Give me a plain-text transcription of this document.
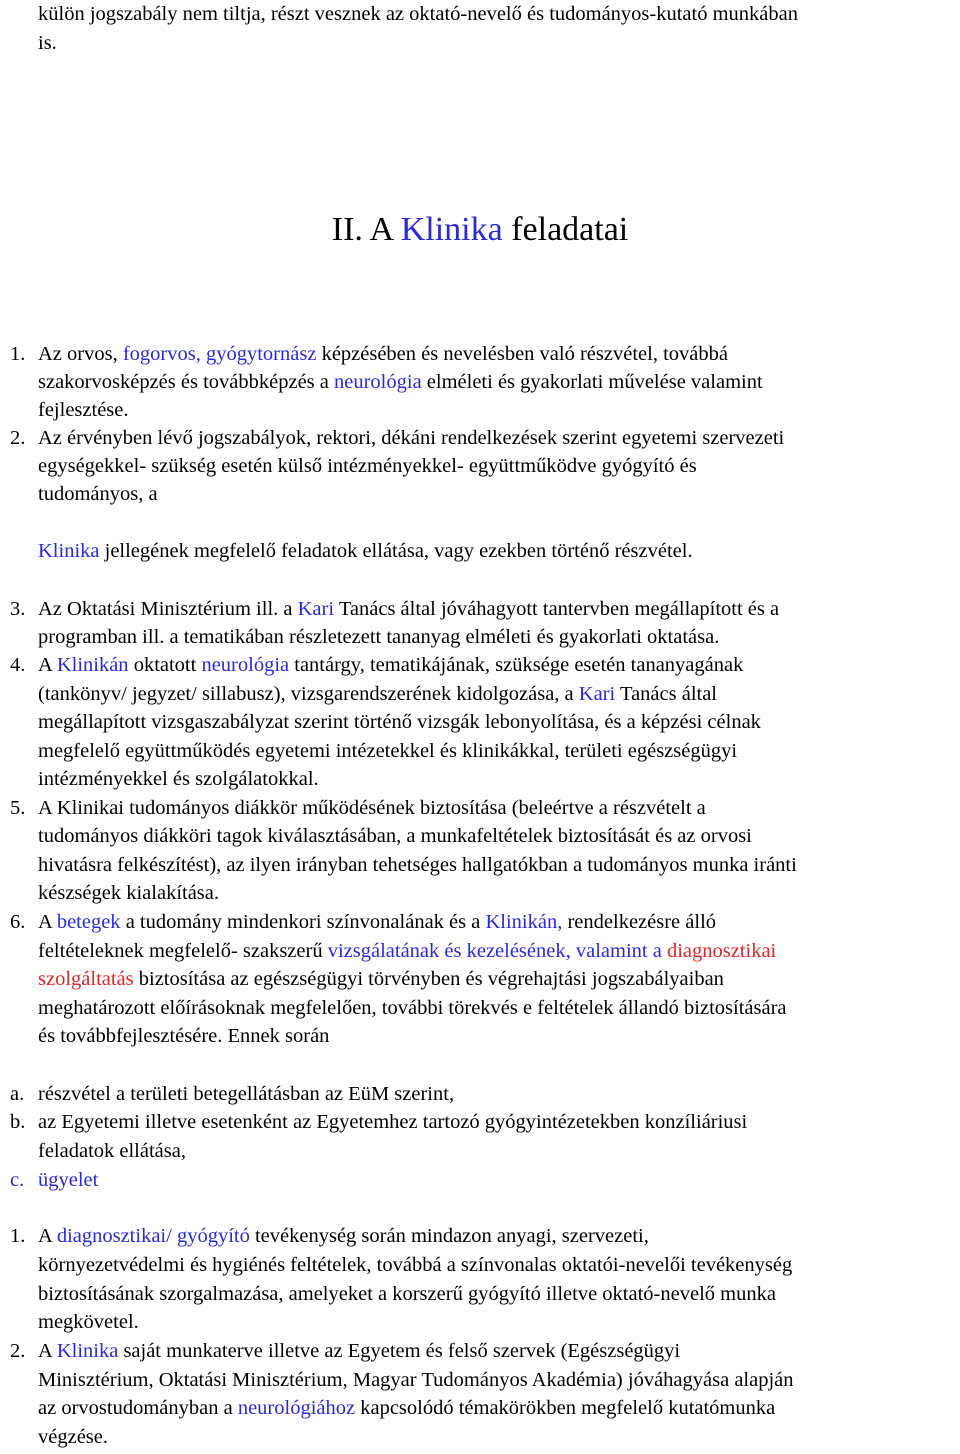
külön jogszabály nem tiltja, részt vesznek az oktató-nevelő és tudományos-kutató munkában
is.
II. A Klinika feladatai
1. Az orvos, fogorvos, gyógytornász képzésében és nevelésben való részvétel, továbbá
szakorvosképzés és továbbképzés a neurológia elméleti és gyakorlati művelése valamint
fejlesztése.
2. Az érvényben lévő jogszabályok, rektori, dékáni rendelkezések szerint egyetemi szervezeti
egységekkel- szükség esetén külső intézményekkel- együttműködve gyógyító és
tudományos, a
Klinika jellegének megfelelő feladatok ellátása, vagy ezekben történő részvétel.
3. Az Oktatási Minisztérium ill. a Kari Tanács által jóváhagyott tantervben megállapított és a
programban ill. a tematikában részletezett tananyag elméleti és gyakorlati oktatása.
4. A Klinikán oktatott neurológia tantárgy, tematikájának, szüksége esetén tananyagának
(tankönyv/ jegyzet/ sillabusz), vizsgarendszerének kidolgozása, a Kari Tanács által
megállapított vizsgaszabályzat szerint történő vizsgák lebonyolítása, és a képzési célnak
megfelelő együttműködés egyetemi intézetekkel és klinikákkal, területi egészségügyi
intézményekkel és szolgálatokkal.
5. A Klinikai tudományos diákkör működésének biztosítása (beleértve a részvételt a
tudományos diákköri tagok kiválasztásában, a munkafeltételek biztosítását és az orvosi
hivatásra felkészítést), az ilyen irányban tehetséges hallgatókban a tudományos munka iránti
készségek kialakítása.
6. A betegek a tudomány mindenkori színvonalának és a Klinikán, rendelkezésre álló
feltételeknek megfelelő- szakszerű vizsgálatának és kezelésének, valamint a diagnosztikai
szolgáltatás biztosítása az egészségügyi törvényben és végrehajtási jogszabályaiban
meghatározott előírásoknak megfelelően, további törekvés e feltételek állandó biztosítására
és továbbfejlesztésére. Ennek során
a. részvétel a területi betegellátásban az EüM szerint,
b. az Egyetemi illetve esetenként az Egyetemhez tartozó gyógyintézetekben konzíliáriusi
feladatok ellátása,
c. ügyelet
1. A diagnosztikai/ gyógyító tevékenység során mindazon anyagi, szervezeti,
környezetvédelmi és hygiénés feltételek, továbbá a színvonalas oktatói-nevelői tevékenység
biztosításának szorgalmazása, amelyeket a korszerű gyógyító illetve oktató-nevelő munka
megkövetel.
2. A Klinika saját munkaterve illetve az Egyetem és felső szervek (Egészségügyi
Minisztérium, Oktatási Minisztérium, Magyar Tudományos Akadémia) jóváhagyása alapján
az orvostudományban a neurológiához kapcsolódó témakörökben megfelelő kutatómunka
végzése.
